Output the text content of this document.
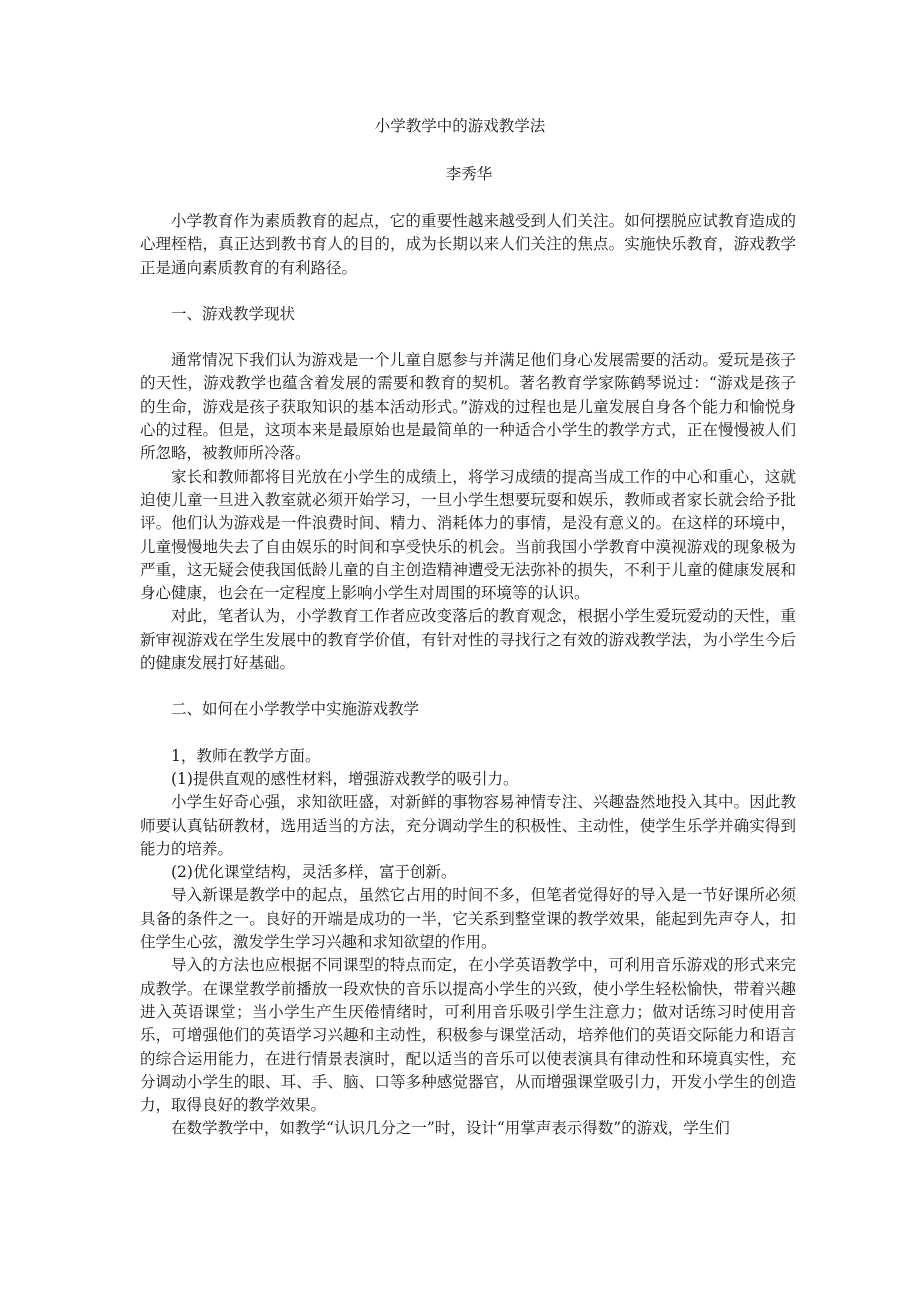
小学教学中的游戏教学法
李秀华

小学教育作为素质教育的起点，它的重要性越来越受到人们关注。如何摆脱应试教育造成的心理桎梏，真正达到教书育人的目的，成为长期以来人们关注的焦点。实施快乐教育，游戏教学正是通向素质教育的有利路径。

一、游戏教学现状

通常情况下我们认为游戏是一个儿童自愿参与并满足他们身心发展需要的活动。爱玩是孩子的天性，游戏教学也蕴含着发展的需要和教育的契机。著名教育学家陈鹤琴说过：“游戏是孩子的生命，游戏是孩子获取知识的基本活动形式。”游戏的过程也是儿童发展自身各个能力和愉悦身心的过程。但是，这项本来是最原始也是最简单的一种适合小学生的教学方式，正在慢慢被人们所忽略，被教师所冷落。

家长和教师都将目光放在小学生的成绩上，将学习成绩的提高当成工作的中心和重心，这就迫使儿童一旦进入教室就必须开始学习，一旦小学生想要玩耍和娱乐，教师或者家长就会给予批评。他们认为游戏是一件浪费时间、精力、消耗体力的事情，是没有意义的。在这样的环境中，儿童慢慢地失去了自由娱乐的时间和享受快乐的机会。当前我国小学教育中漠视游戏的现象极为严重，这无疑会使我国低龄儿童的自主创造精神遭受无法弥补的损失，不利于儿童的健康发展和身心健康，也会在一定程度上影响小学生对周围的环境等的认识。

对此，笔者认为，小学教育工作者应改变落后的教育观念，根据小学生爱玩爱动的天性，重新审视游戏在学生发展中的教育学价值，有针对性的寻找行之有效的游戏教学法，为小学生今后的健康发展打好基础。

二、如何在小学教学中实施游戏教学

1，教师在教学方面。

(1)提供直观的感性材料，增强游戏教学的吸引力。

小学生好奇心强，求知欲旺盛，对新鲜的事物容易神情专注、兴趣盎然地投入其中。因此教师要认真钻研教材，选用适当的方法，充分调动学生的积极性、主动性，使学生乐学并确实得到能力的培养。

(2)优化课堂结构，灵活多样，富于创新。

导入新课是教学中的起点，虽然它占用的时间不多，但笔者觉得好的导入是一节好课所必须具备的条件之一。良好的开端是成功的一半，它关系到整堂课的教学效果，能起到先声夺人，扣住学生心弦，激发学生学习兴趣和求知欲望的作用。

导入的方法也应根据不同课型的特点而定，在小学英语教学中，可利用音乐游戏的形式来完成教学。在课堂教学前播放一段欢快的音乐以提高小学生的兴致，使小学生轻松愉快，带着兴趣进入英语课堂；当小学生产生厌倦情绪时，可利用音乐吸引学生注意力；做对话练习时使用音乐，可增强他们的英语学习兴趣和主动性，积极参与课堂活动，培养他们的英语交际能力和语言的综合运用能力，在进行情景表演时，配以适当的音乐可以使表演具有律动性和环境真实性，充分调动小学生的眼、耳、手、脑、口等多种感觉器官，从而增强课堂吸引力，开发小学生的创造力，取得良好的教学效果。

在数学教学中，如教学“认识几分之一”时，设计“用掌声表示得数”的游戏，学生们
